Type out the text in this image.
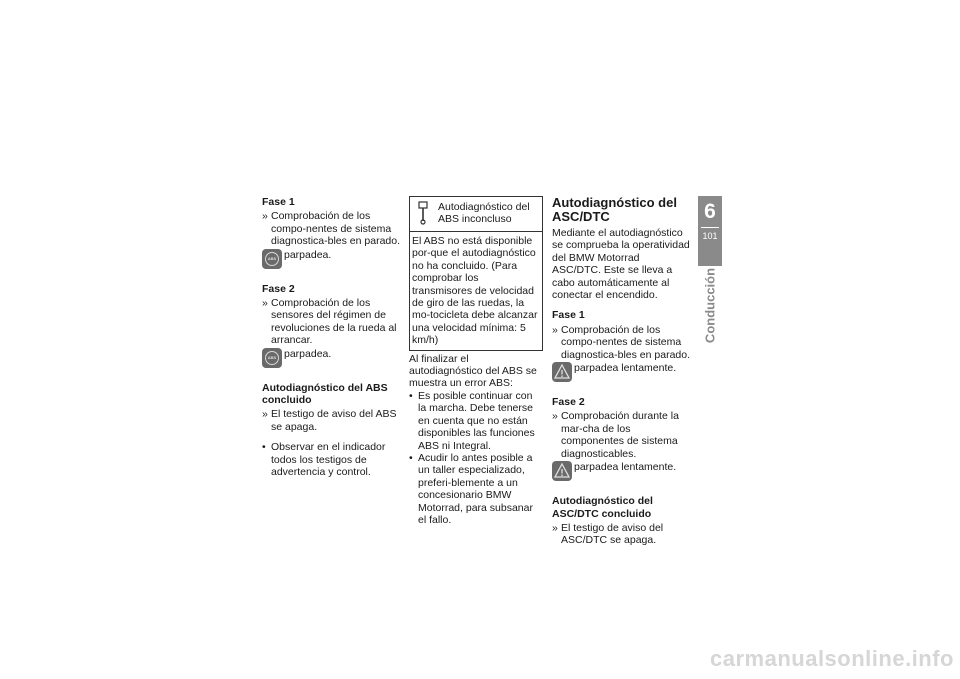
Fase 1
» Comprobación de los compo-nentes de sistema diagnostica-bles en parado.
ABS parpadea.
Fase 2
» Comprobación de los sensores del régimen de revoluciones de la rueda al arrancar.
ABS parpadea.
Autodiagnóstico del ABS concluido
» El testigo de aviso del ABS se apaga.
• Observar en el indicador todos los testigos de advertencia y control.
Autodiagnóstico del ABS inconcluso
El ABS no está disponible por-que el autodiagnóstico no ha concluido. (Para comprobar los transmisores de velocidad de giro de las ruedas, la mo-tocicleta debe alcanzar una velocidad mínima: 5 km/h)
Al finalizar el autodiagnóstico del ABS se muestra un error ABS:
• Es posible continuar con la marcha. Debe tenerse en cuenta que no están disponibles las funciones ABS ni Integral.
• Acudir lo antes posible a un taller especializado, preferi-blemente a un concesionario BMW Motorrad, para subsanar el fallo.
Autodiagnóstico del ASC/DTC
Mediante el autodiagnóstico se comprueba la operatividad del BMW Motorrad ASC/DTC. Este se lleva a cabo automáticamente al conectar el encendido.
Fase 1
» Comprobación de los compo-nentes de sistema diagnostica-bles en parado.
parpadea lentamente.
Fase 2
» Comprobación durante la mar-cha de los componentes de sistema diagnosticables.
parpadea lentamente.
Autodiagnóstico del ASC/DTC concluido
» El testigo de aviso del ASC/DTC se apaga.
6
101
Conducción
carmanualsonline.info
